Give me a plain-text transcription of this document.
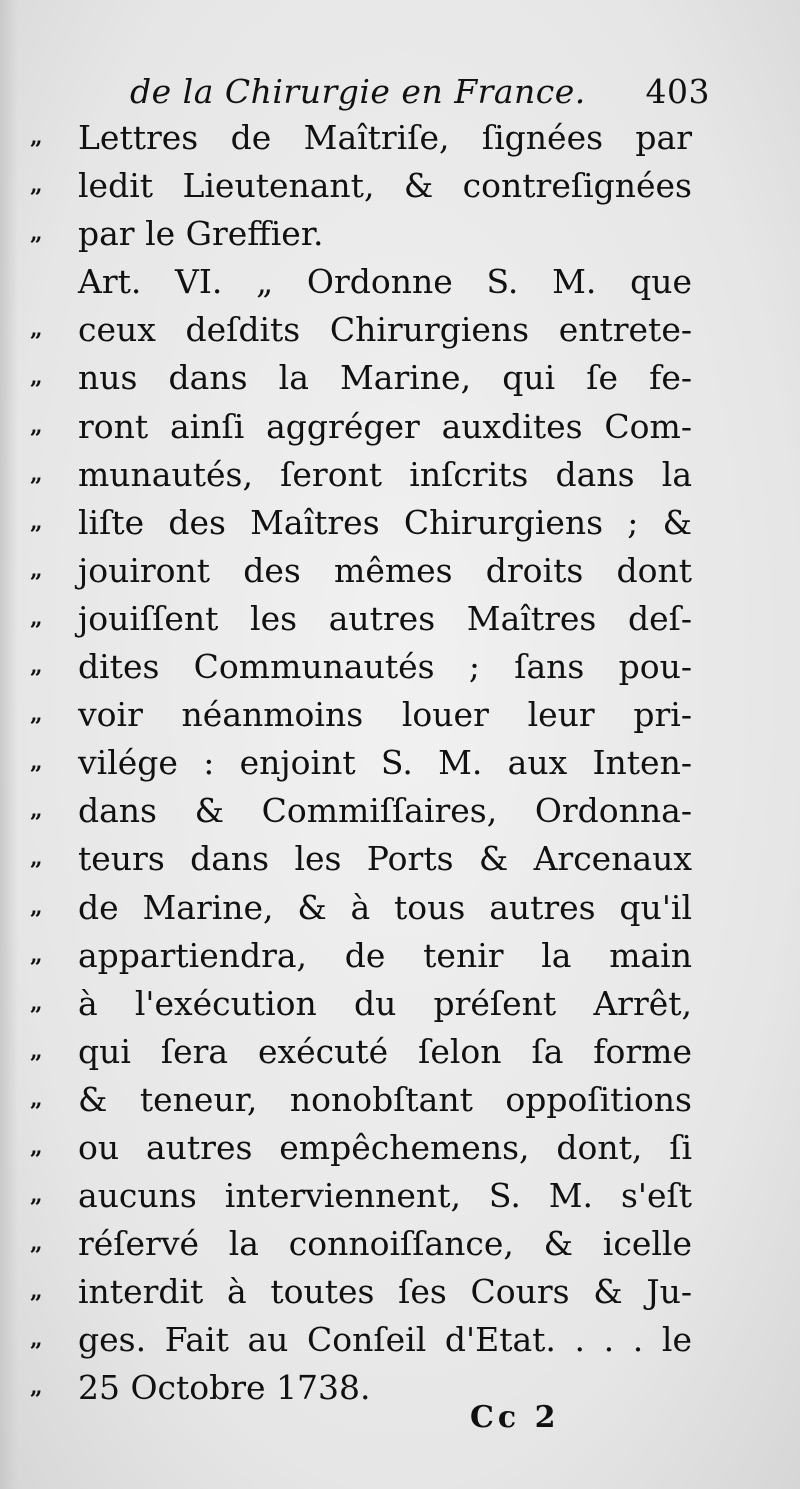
de la Chirurgie en France. 403
„ Lettres de Maîtriſe, ſignées par
„ ledit Lieutenant, & contreſignées
„ par le Greffier.
Art. VI. „ Ordonne S. M. que
„ ceux deſdits Chirurgiens entrete-
„ nus dans la Marine, qui ſe fe-
„ ront ainſi aggréger auxdites Com-
„ munautés, ſeront inſcrits dans la
„ liſte des Maîtres Chirurgiens ; &
„ jouiront des mêmes droits dont
„ jouiſſent les autres Maîtres deſ-
„ dites Communautés ; ſans pou-
„ voir néanmoins louer leur pri-
„ vilége : enjoint S. M. aux Inten-
„ dans & Commiſſaires, Ordonna-
„ teurs dans les Ports & Arcenaux
„ de Marine, & à tous autres qu'il
„ appartiendra, de tenir la main
„ à l'exécution du préſent Arrêt,
„ qui ſera exécuté ſelon ſa forme
„ & teneur, nonobſtant oppoſitions
„ ou autres empêchemens, dont, ſi
„ aucuns interviennent, S. M. s'eſt
„ réſervé la connoiſſance, & icelle
„ interdit à toutes ſes Cours & Ju-
„ ges. Fait au Conſeil d'Etat. . . . le
„ 25 Octobre 1738.
Cc 2
